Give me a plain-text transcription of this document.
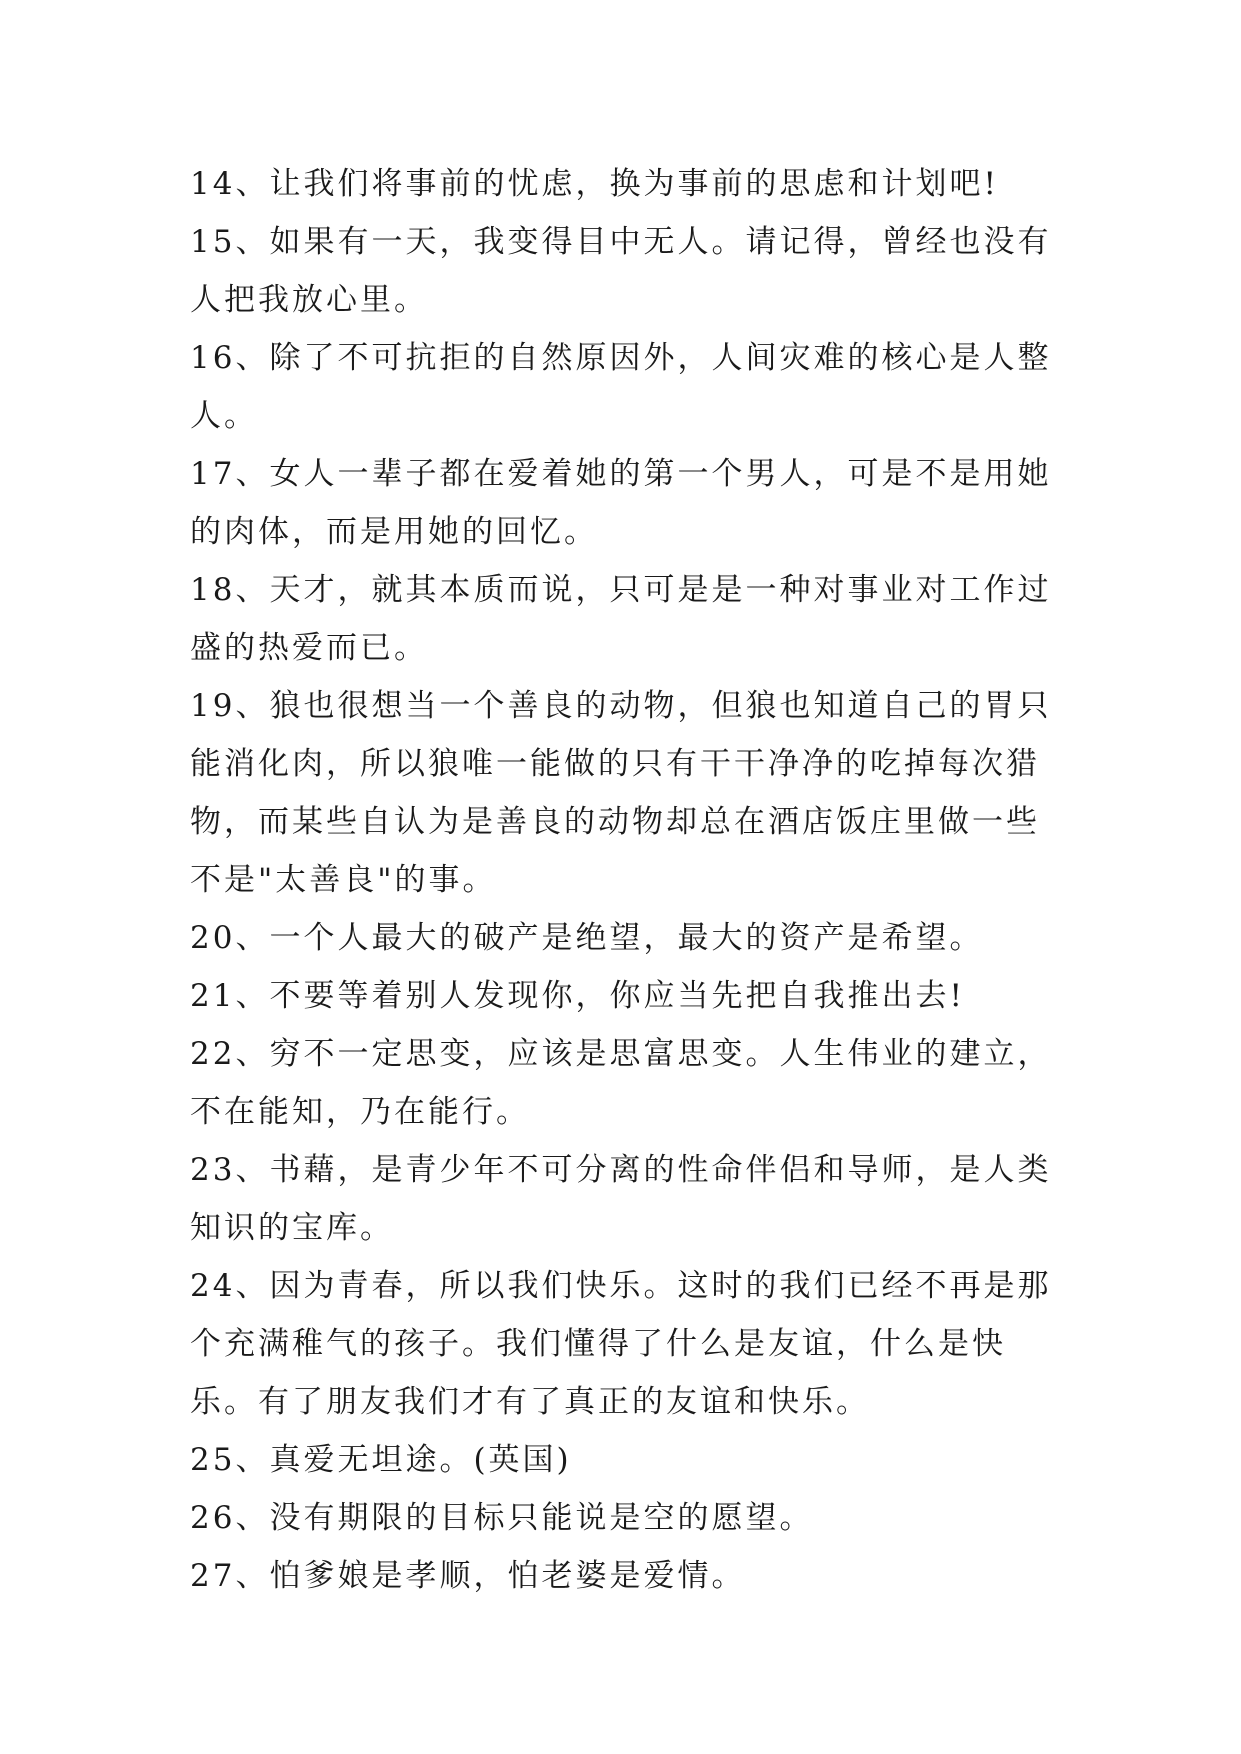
14、让我们将事前的忧虑，换为事前的思虑和计划吧!

15、如果有一天，我变得目中无人。请记得，曾经也没有人把我放心里。

16、除了不可抗拒的自然原因外，人间灾难的核心是人整人。

17、女人一辈子都在爱着她的第一个男人，可是不是用她的肉体，而是用她的回忆。

18、天才，就其本质而说，只可是是一种对事业对工作过盛的热爱而已。

19、狼也很想当一个善良的动物，但狼也知道自己的胃只能消化肉，所以狼唯一能做的只有干干净净的吃掉每次猎物，而某些自认为是善良的动物却总在酒店饭庄里做一些不是"太善良"的事。

20、一个人最大的破产是绝望，最大的资产是希望。

21、不要等着别人发现你，你应当先把自我推出去!

22、穷不一定思变，应该是思富思变。人生伟业的建立，不在能知，乃在能行。

23、书藉，是青少年不可分离的性命伴侣和导师，是人类知识的宝库。

24、因为青春，所以我们快乐。这时的我们已经不再是那个充满稚气的孩子。我们懂得了什么是友谊，什么是快乐。有了朋友我们才有了真正的友谊和快乐。

25、真爱无坦途。(英国)

26、没有期限的目标只能说是空的愿望。

27、怕爹娘是孝顺，怕老婆是爱情。
